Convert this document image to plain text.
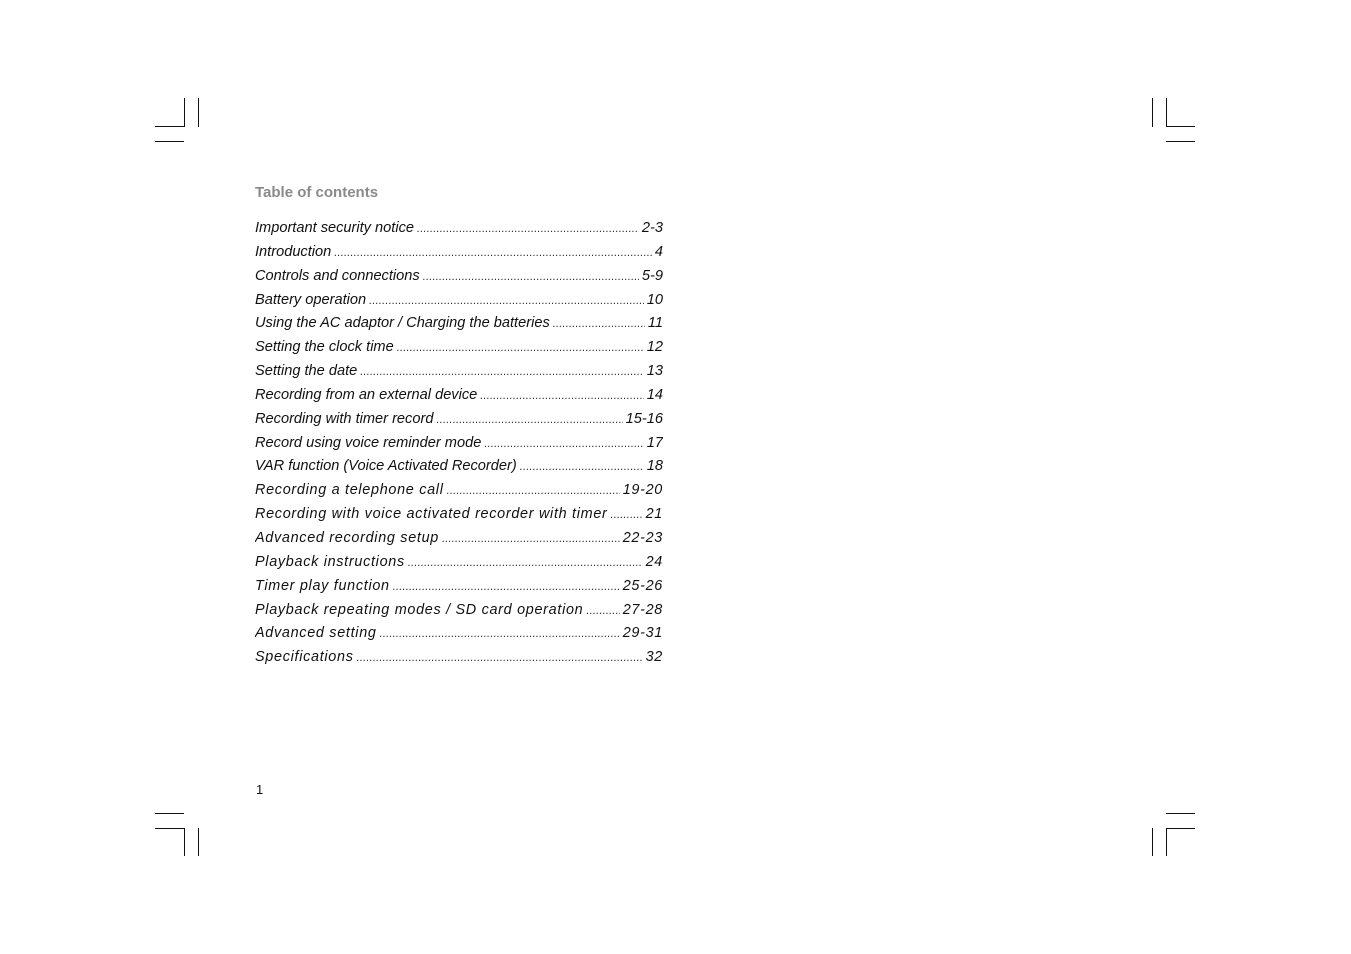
Table of contents
Important security notice .....	2-3
Introduction .....	4
Controls and connections .....	5-9
Battery operation .....	10
Using the AC adaptor / Charging the batteries .....	11
Setting the clock time .....	12
Setting the date .....	13
Recording from an external device .....	14
Recording with timer record .....	15-16
Record using voice reminder mode .....	17
VAR function (Voice Activated Recorder) .....	18
Recording a telephone call .....	19-20
Recording with voice activated recorder with timer .....	21
Advanced recording setup .....	22-23
Playback instructions .....	24
Timer play function .....	25-26
Playback repeating modes / SD card operation .....	27-28
Advanced setting .....	29-31
Specifications .....	32

1
